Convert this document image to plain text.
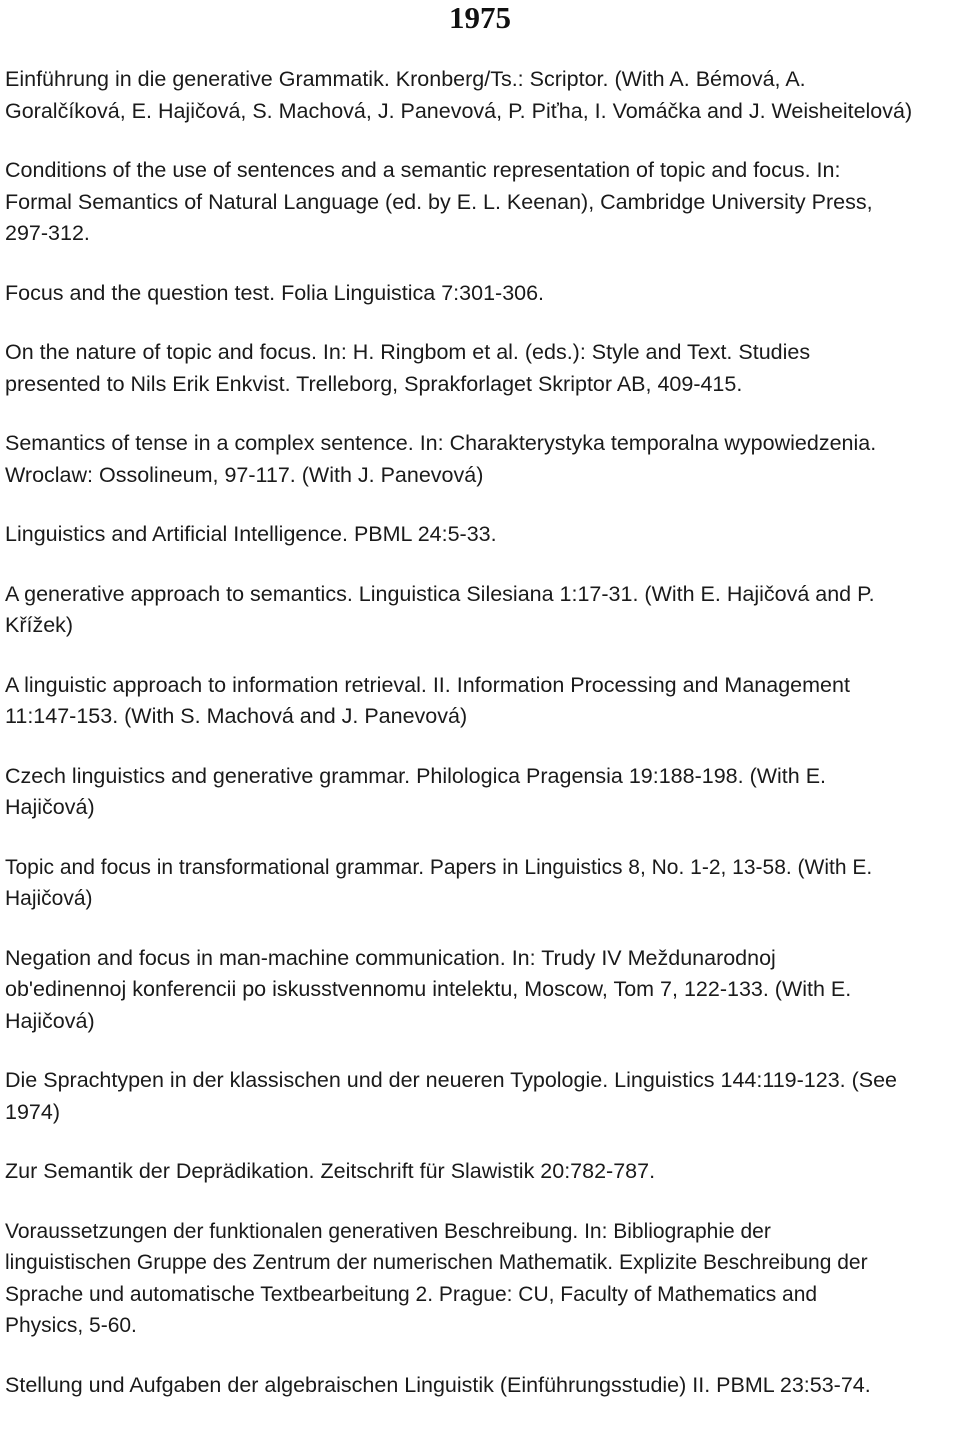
1975

Einführung in die generative Grammatik. Kronberg/Ts.: Scriptor. (With A. Bémová, A.
Goralčíková, E. Hajičová, S. Machová, J. Panevová, P. Piťha, I. Vomáčka and J. Weisheitelová)

Conditions of the use of sentences and a semantic representation of topic and focus. In:
Formal Semantics of Natural Language (ed. by E. L. Keenan), Cambridge University Press,
297-312.

Focus and the question test. Folia Linguistica 7:301-306.

On the nature of topic and focus. In: H. Ringbom et al. (eds.): Style and Text. Studies
presented to Nils Erik Enkvist. Trelleborg, Sprakforlaget Skriptor AB, 409-415.

Semantics of tense in a complex sentence. In: Charakterystyka temporalna wypowiedzenia.
Wroclaw: Ossolineum, 97-117. (With J. Panevová)

Linguistics and Artificial Intelligence. PBML 24:5-33.

A generative approach to semantics. Linguistica Silesiana 1:17-31. (With E. Hajičová and P.
Křížek)

A linguistic approach to information retrieval. II. Information Processing and Management
11:147-153. (With S. Machová and J. Panevová)

Czech linguistics and generative grammar. Philologica Pragensia 19:188-198. (With E.
Hajičová)

Topic and focus in transformational grammar. Papers in Linguistics 8, No. 1-2, 13-58. (With E.
Hajičová)

Negation and focus in man-machine communication. In: Trudy IV Meždunarodnoj
ob'edinennoj konferencii po iskusstvennomu intelektu, Moscow, Tom 7, 122-133. (With E.
Hajičová)

Die Sprachtypen in der klassischen und der neueren Typologie. Linguistics 144:119-123. (See
1974)

Zur Semantik der Deprädikation. Zeitschrift für Slawistik 20:782-787.

Voraussetzungen der funktionalen generativen Beschreibung. In: Bibliographie der
linguistischen Gruppe des Zentrum der numerischen Mathematik. Explizite Beschreibung der
Sprache und automatische Textbearbeitung 2. Prague: CU, Faculty of Mathematics and
Physics, 5-60.

Stellung und Aufgaben der algebraischen Linguistik (Einführungsstudie) II. PBML 23:53-74.
